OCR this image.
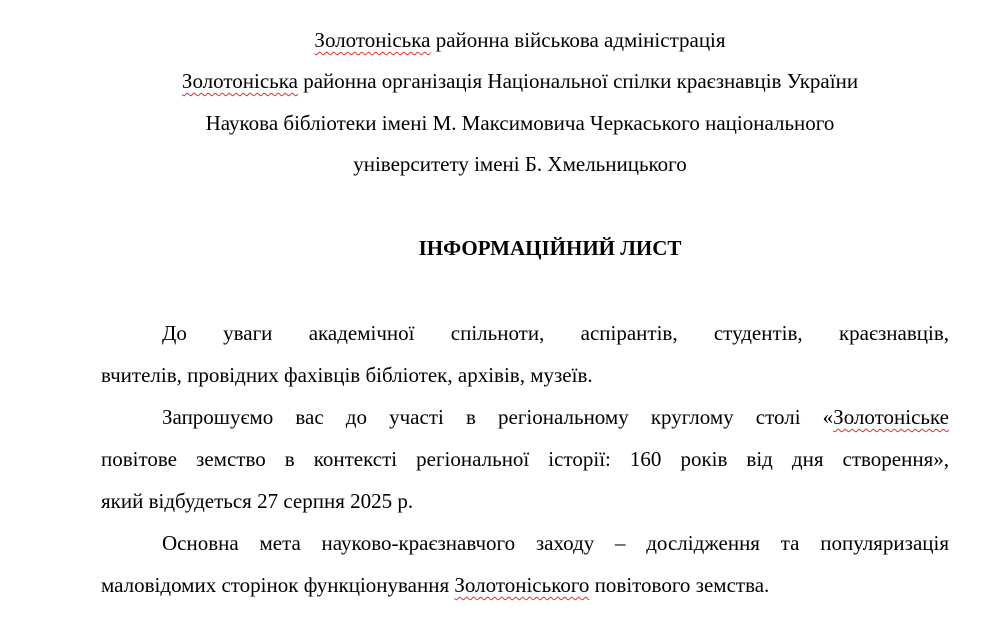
Золотоніська районна військова адміністрація
Золотоніська районна організація Національної спілки краєзнавців України
Наукова бібліотеки імені М. Максимовича Черкаського національного
університету імені Б. Хмельницького
ІНФОРМАЦІЙНИЙ ЛИСТ
До уваги академічної спільноти, аспірантів, студентів, краєзнавців,
вчителів, провідних фахівців бібліотек, архівів, музеїв.
Запрошуємо вас до участі в регіональному круглому столі «Золотоніське
повітове земство в контексті регіональної історії: 160 років від дня створення»,
який відбудеться 27 серпня 2025 р.
Основна мета науково-краєзнавчого заходу – дослідження та популяризація
маловідомих сторінок функціонування Золотоніського повітового земства.
